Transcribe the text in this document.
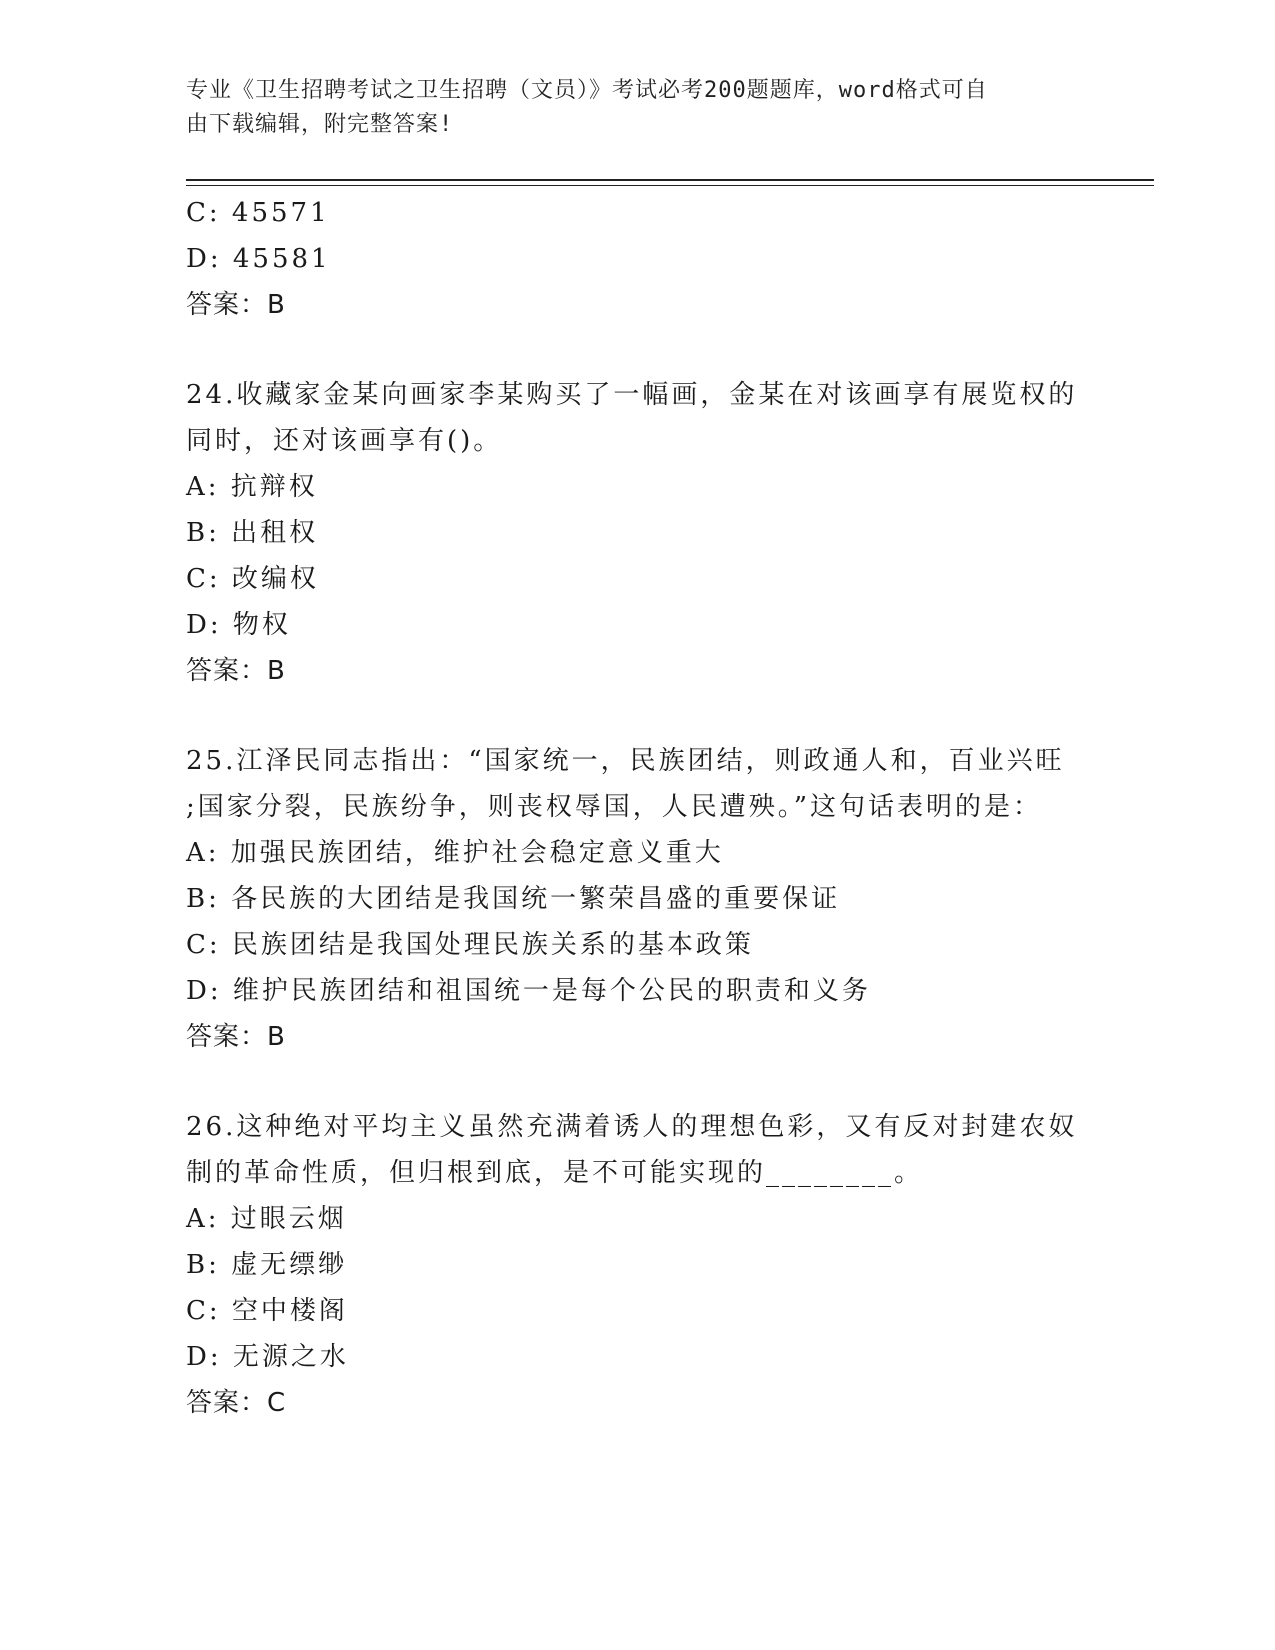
专业《卫生招聘考试之卫生招聘（文员）》考试必考200题题库，word格式可自
由下载编辑，附完整答案!
C: 45571
D: 45581
答案：B
24.收藏家金某向画家李某购买了一幅画，金某在对该画享有展览权的
同时，还对该画享有()。
A: 抗辩权
B: 出租权
C: 改编权
D: 物权
答案：B
25.江泽民同志指出：“国家统一，民族团结，则政通人和，百业兴旺
;国家分裂，民族纷争，则丧权辱国，人民遭殃。”这句话表明的是：
A: 加强民族团结，维护社会稳定意义重大
B: 各民族的大团结是我国统一繁荣昌盛的重要保证
C: 民族团结是我国处理民族关系的基本政策
D: 维护民族团结和祖国统一是每个公民的职责和义务
答案：B
26.这种绝对平均主义虽然充满着诱人的理想色彩，又有反对封建农奴
制的革命性质，但归根到底，是不可能实现的________。
A: 过眼云烟
B: 虚无缥缈
C: 空中楼阁
D: 无源之水
答案：C
